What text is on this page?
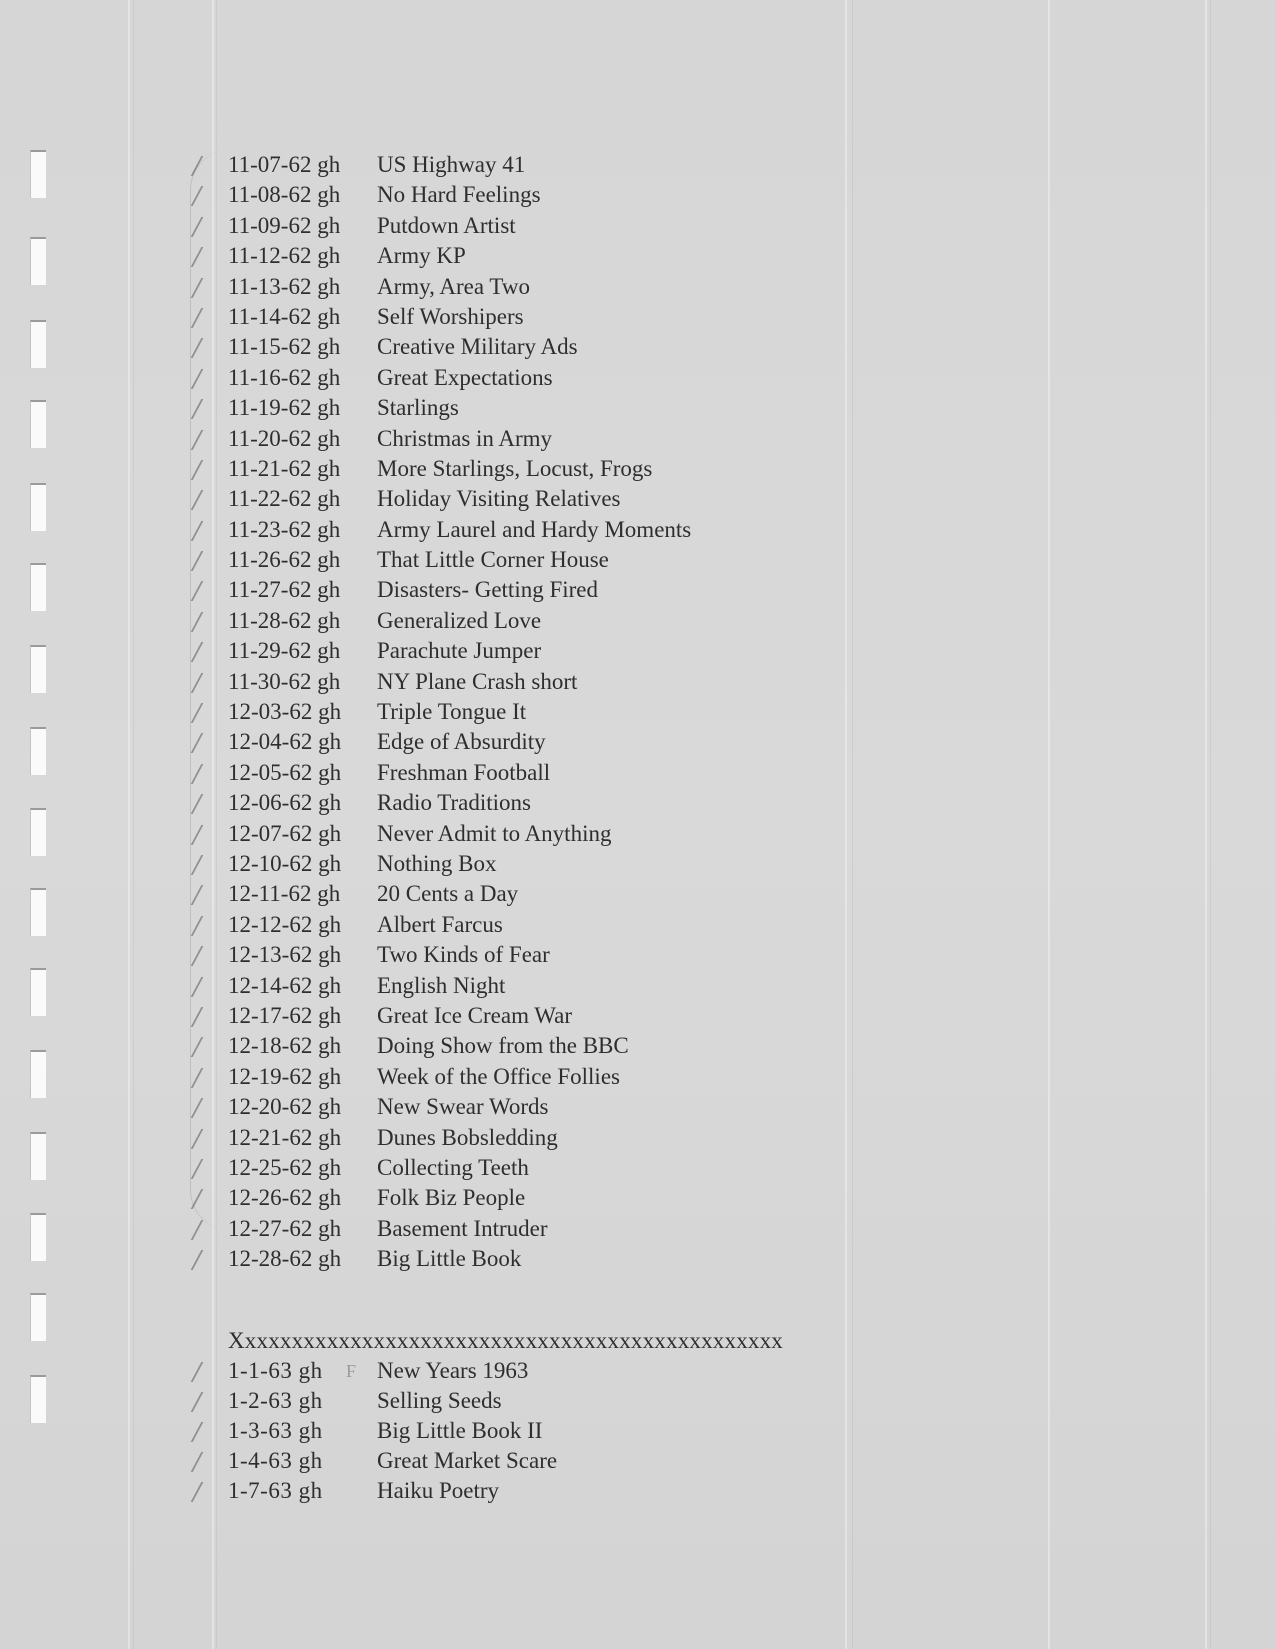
11-07-62 gh US Highway 41
11-08-62 gh No Hard Feelings
11-09-62 gh Putdown Artist
11-12-62 gh Army KP
11-13-62 gh Army, Area Two
11-14-62 gh Self Worshipers
11-15-62 gh Creative Military Ads
11-16-62 gh Great Expectations
11-19-62 gh Starlings
11-20-62 gh Christmas in Army
11-21-62 gh More Starlings, Locust, Frogs
11-22-62 gh Holiday Visiting Relatives
11-23-62 gh Army Laurel and Hardy Moments
11-26-62 gh That Little Corner House
11-27-62 gh Disasters- Getting Fired
11-28-62 gh Generalized Love
11-29-62 gh Parachute Jumper
11-30-62 gh NY Plane Crash short
12-03-62 gh Triple Tongue It
12-04-62 gh Edge of Absurdity
12-05-62 gh Freshman Football
12-06-62 gh Radio Traditions
12-07-62 gh Never Admit to Anything
12-10-62 gh Nothing Box
12-11-62 gh 20 Cents a Day
12-12-62 gh Albert Farcus
12-13-62 gh Two Kinds of Fear
12-14-62 gh English Night
12-17-62 gh Great Ice Cream War
12-18-62 gh Doing Show from the BBC
12-19-62 gh Week of the Office Follies
12-20-62 gh New Swear Words
12-21-62 gh Dunes Bobsledding
12-25-62 gh Collecting Teeth
12-26-62 gh Folk Biz People
12-27-62 gh Basement Intruder
12-28-62 gh Big Little Book
Xxxxxxxxxxxxxxxxxxxxxxxxxxxxxxxxxxxxxxxxxxxxxxx
1-1-63 gh F New Years 1963
1-2-63 gh Selling Seeds
1-3-63 gh Big Little Book II
1-4-63 gh Great Market Scare
1-7-63 gh Haiku Poetry
